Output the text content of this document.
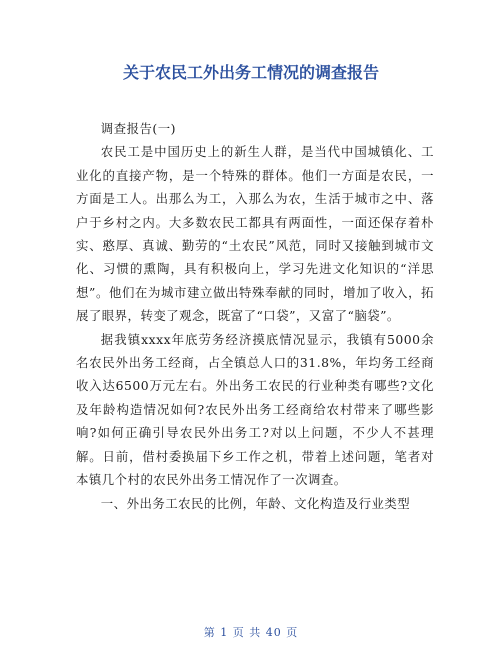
关于农民工外出务工情况的调查报告

调查报告(一)

农民工是中国历史上的新生人群，是当代中国城镇化、工业化的直接产物，是一个特殊的群体。他们一方面是农民，一方面是工人。出那么为工，入那么为农，生活于城市之中、落户于乡村之内。大多数农民工都具有两面性，一面还保存着朴实、憨厚、真诚、勤劳的“土农民”风范，同时又接触到城市文化、习惯的熏陶，具有积极向上，学习先进文化知识的“洋思想”。他们在为城市建立做出特殊奉献的同时，增加了收入，拓展了眼界，转变了观念，既富了“口袋”，又富了“脑袋”。

据我镇xxxx年底劳务经济摸底情况显示，我镇有5000余名农民外出务工经商，占全镇总人口的31.8%，年均务工经商收入达6500万元左右。外出务工农民的行业种类有哪些?文化及年龄构造情况如何?农民外出务工经商给农村带来了哪些影响?如何正确引导农民外出务工?对以上问题，不少人不甚理解。日前，借村委换届下乡工作之机，带着上述问题，笔者对本镇几个村的农民外出务工情况作了一次调查。

一、外出务工农民的比例，年龄、文化构造及行业类型

第 1 页 共 40 页
